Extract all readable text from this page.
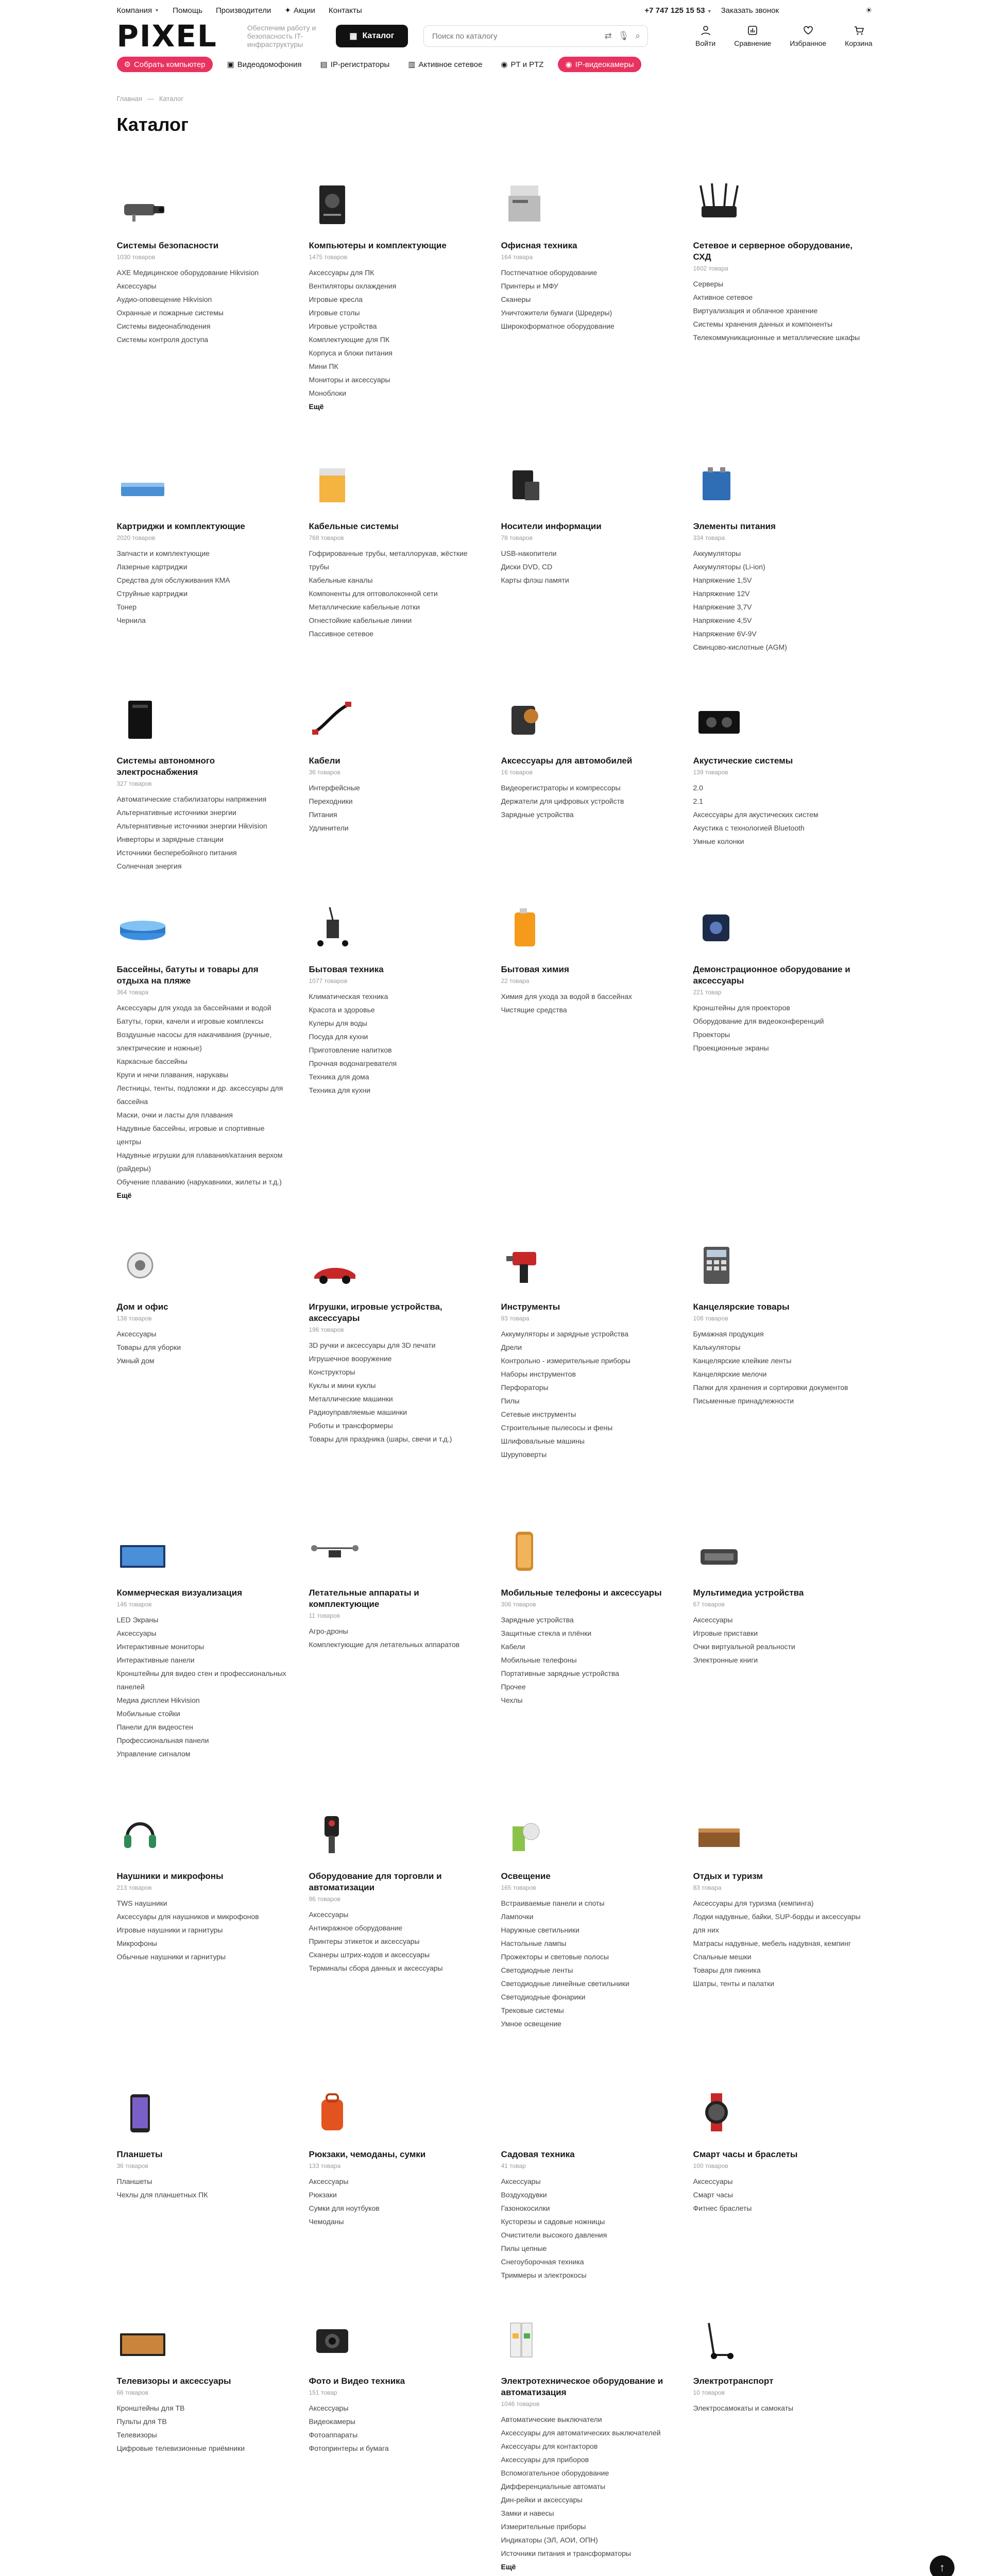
Компания ▼ Помощь Производители ✦ Акции Контакты	+7 747 125 15 53 ▼ Заказать звонок	☀
PIXEL	Обеспечим работу и безопасность IT-инфраструктуры
▦ Каталог
Поиск по каталогу	⇄ 🎙 ⌕
Войти	Сравнение	Избранное	Корзина
⚙ Собрать компьютер	▣ Видеодомофония ▤ IP-регистраторы ▥ Активное сетевое ◉ PT и PTZ	◉ IP-видеокамеры
Главная — Каталог
Каталог
Системы безопасности
1030 товаров
AXE Медицинское оборудование Hikvision
Аксессуары
Аудио-оповещение Hikvision
Охранные и пожарные системы
Системы видеонаблюдения
Системы контроля доступа
Компьютеры и комплектующие
1475 товаров
Аксессуары для ПК
Вентиляторы охлаждения
Игровые кресла
Игровые столы
Игровые устройства
Комплектующие для ПК
Корпуса и блоки питания
Мини ПК
Мониторы и аксессуары
Моноблоки
Ещё
Офисная техника
164 товара
Постпечатное оборудование
Принтеры и МФУ
Сканеры
Уничтожители бумаги (Шредеры)
Широкоформатное оборудование
Сетевое и серверное оборудование, СХД
1602 товара
Серверы
Активное сетевое
Виртуализация и облачное хранение
Системы хранения данных и компоненты
Телекоммуникационные и металлические шкафы
Картриджи и комплектующие
2020 товаров
Запчасти и комплектующие
Лазерные картриджи
Средства для обслуживания КМА
Струйные картриджи
Тонер
Чернила
Кабельные системы
768 товаров
Гофрированные трубы, металлорукав, жёсткие трубы
Кабельные каналы
Компоненты для оптоволоконной сети
Металлические кабельные лотки
Огнестойкие кабельные линии
Пассивное сетевое
Носители информации
78 товаров
USB-накопители
Диски DVD, CD
Карты флэш памяти
Элементы питания
334 товара
Аккумуляторы
Аккумуляторы (Li-ion)
Напряжение 1,5V
Напряжение 12V
Напряжение 3,7V
Напряжение 4,5V
Напряжение 6V-9V
Свинцово-кислотные (AGM)
Системы автономного электроснабжения
327 товаров
Автоматические стабилизаторы напряжения
Альтернативные источники энергии
Альтернативные источники энергии Hikvision
Инверторы и зарядные станции
Источники бесперебойного питания
Солнечная энергия
Кабели
36 товаров
Интерфейсные
Переходники
Питания
Удлинители
Аксессуары для автомобилей
16 товаров
Видеорегистраторы и компрессоры
Держатели для цифровых устройств
Зарядные устройства
Акустические системы
139 товаров
2.0
2.1
Аксессуары для акустических систем
Акустика с технологией Bluetooth
Умные колонки
Бассейны, батуты и товары для отдыха на пляже
364 товара
Аксессуары для ухода за бассейнами и водой
Батуты, горки, качели и игровые комплексы
Воздушные насосы для накачивания (ручные, электрические и ножные)
Каркасные бассейны
Круги и нечи плавания, нарукавы
Лестницы, тенты, подложки и др. аксессуары для бассейна
Маски, очки и ласты для плавания
Надувные бассейны, игровые и спортивные центры
Надувные игрушки для плавания/катания верхом (райдеры)
Обучение плаванию (нарукавники, жилеты и т.д.)
Ещё
Бытовая техника
1077 товаров
Климатическая техника
Красота и здоровье
Кулеры для воды
Посуда для кухни
Приготовление напитков
Прочная водонагревателя
Техника для дома
Техника для кухни
Бытовая химия
22 товара
Химия для ухода за водой в бассейнах
Чистящие средства
Демонстрационное оборудование и аксессуары
221 товар
Кронштейны для проекторов
Оборудование для видеоконференций
Проекторы
Проекционные экраны
Дом и офис
138 товаров
Аксессуары
Товары для уборки
Умный дом
Игрушки, игровые устройства, аксессуары
196 товаров
3D ручки и аксессуары для 3D печати
Игрушечное вооружение
Конструкторы
Куклы и мини куклы
Металлические машинки
Радиоуправляемые машинки
Роботы и трансформеры
Товары для праздника (шары, свечи и т.д.)
Инструменты
93 товара
Аккумуляторы и зарядные устройства
Дрели
Контрольно - измерительные приборы
Наборы инструментов
Перфораторы
Пилы
Сетевые инструменты
Строительные пылесосы и фены
Шлифовальные машины
Шуруповерты
Канцелярские товары
108 товаров
Бумажная продукция
Калькуляторы
Канцелярские клейкие ленты
Канцелярские мелочи
Папки для хранения и сортировки документов
Письменные принадлежности
Коммерческая визуализация
146 товаров
LED Экраны
Аксессуары
Интерактивные мониторы
Интерактивные панели
Кронштейны для видео стен и профессиональных панелей
Медиа дисплеи Hikvision
Мобильные стойки
Панели для видеостен
Профессиональная панели
Управление сигналом
Летательные аппараты и комплектующие
11 товаров
Агро-дроны
Комплектующие для летательных аппаратов
Мобильные телефоны и аксессуары
306 товаров
Зарядные устройства
Защитные стекла и плёнки
Кабели
Мобильные телефоны
Портативные зарядные устройства
Прочее
Чехлы
Мультимедиа устройства
67 товаров
Аксессуары
Игровые приставки
Очки виртуальной реальности
Электронные книги
Наушники и микрофоны
213 товаров
TWS наушники
Аксессуары для наушников и микрофонов
Игровые наушники и гарнитуры
Микрофоны
Обычные наушники и гарнитуры
Оборудование для торговли и автоматизации
96 товаров
Аксессуары
Антикражное оборудование
Принтеры этикеток и аксессуары
Сканеры штрих-кодов и аксессуары
Терминалы сбора данных и аксессуары
Освещение
165 товаров
Встраиваемые панели и споты
Лампочки
Наружные светильники
Настольные лампы
Прожекторы и световые полосы
Светодиодные ленты
Светодиодные линейные светильники
Светодиодные фонарики
Трековые системы
Умное освещение
Отдых и туризм
83 товара
Аксессуары для туризма (кемпинга)
Лодки надувные, байки, SUP-борды и аксессуары для них
Матрасы надувные, мебель надувная, кемпинг
Спальные мешки
Товары для пикника
Шатры, тенты и палатки
Планшеты
36 товаров
Планшеты
Чехлы для планшетных ПК
Рюкзаки, чемоданы, сумки
133 товара
Аксессуары
Рюкзаки
Сумки для ноутбуков
Чемоданы
Садовая техника
41 товар
Аксессуары
Воздуходувки
Газонокосилки
Кусторезы и садовые ножницы
Очистители высокого давления
Пилы цепные
Снегоуборочная техника
Триммеры и электрокосы
Смарт часы и браслеты
100 товаров
Аксессуары
Смарт часы
Фитнес браслеты
Телевизоры и аксессуары
66 товаров
Кронштейны для ТВ
Пульты для ТВ
Телевизоры
Цифровые телевизионные приёмники
Фото и Видео техника
151 товар
Аксессуары
Видеокамеры
Фотоаппараты
Фотопринтеры и бумага
Электротехническое оборудование и автоматизация
1046 товаров
Автоматические выключатели
Аксессуары для автоматических выключателей
Аксессуары для контакторов
Аксессуары для приборов
Вспомогательное оборудование
Дифференциальные автоматы
Дин-рейки и аксессуары
Замки и навесы
Измерительные приборы
Индикаторы (ЭЛ, АОИ, ОПН)
Источники питания и трансформаторы
Ещё
Электротранспорт
10 товаров
Электросамокаты и самокаты
↑
